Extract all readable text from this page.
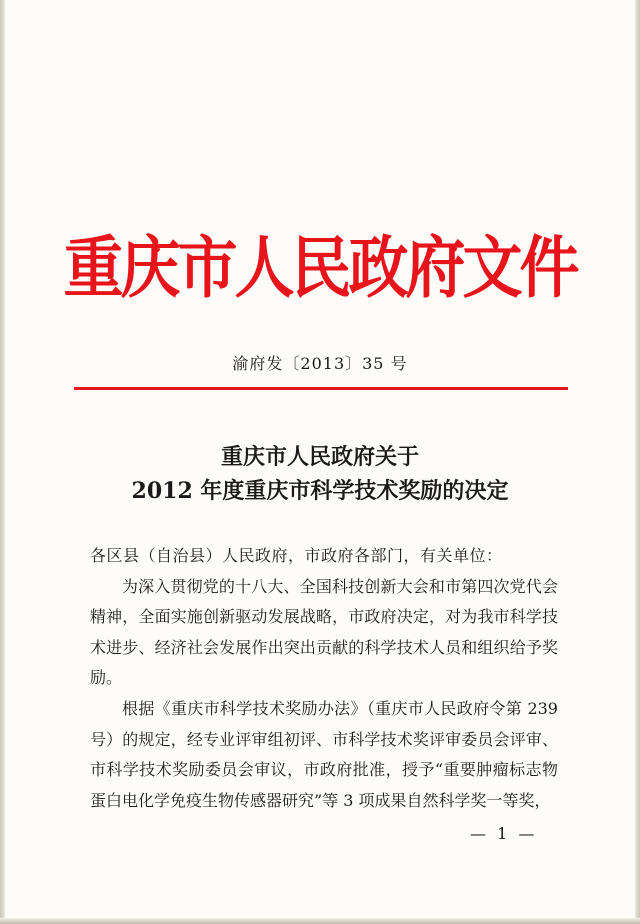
重庆市人民政府文件
渝府发〔2013〕35 号
重庆市人民政府关于
2012 年度重庆市科学技术奖励的决定

各区县（自治县）人民政府，市政府各部门，有关单位：

为深入贯彻党的十八大、全国科技创新大会和市第四次党代会精神，全面实施创新驱动发展战略，市政府决定，对为我市科学技术进步、经济社会发展作出突出贡献的科学技术人员和组织给予奖励。

根据《重庆市科学技术奖励办法》（重庆市人民政府令第 239 号）的规定，经专业评审组初评、市科学技术奖评审委员会评审、市科学技术奖励委员会审议，市政府批准，授予“重要肿瘤标志物蛋白电化学免疫生物传感器研究”等 3 项成果自然科学奖一等奖，

— 1 —
